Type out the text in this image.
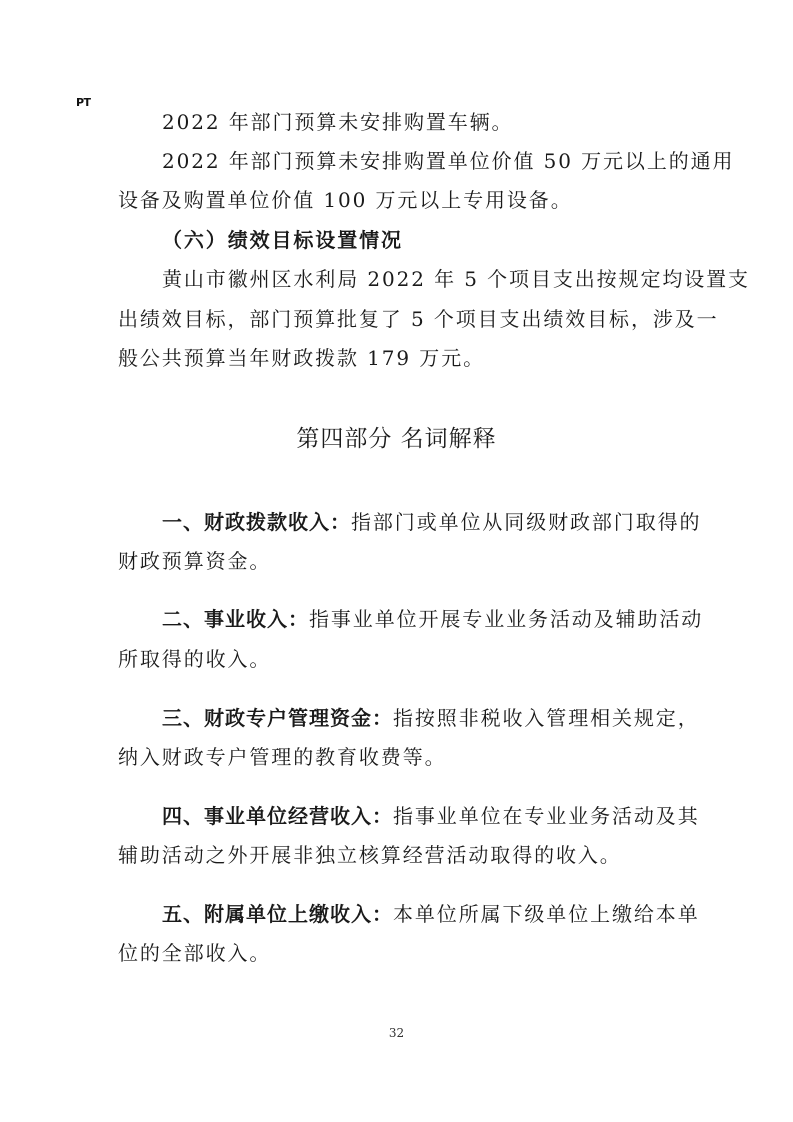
PT
2022 年部门预算未安排购置车辆。
2022 年部门预算未安排购置单位价值 50 万元以上的通用
设备及购置单位价值 100 万元以上专用设备。
（六）绩效目标设置情况
黄山市徽州区水利局 2022 年 5 个项目支出按规定均设置支
出绩效目标，部门预算批复了 5 个项目支出绩效目标，涉及一
般公共预算当年财政拨款 179 万元。
第四部分 名词解释
一、财政拨款收入：指部门或单位从同级财政部门取得的
财政预算资金。
二、事业收入：指事业单位开展专业业务活动及辅助活动
所取得的收入。
三、财政专户管理资金：指按照非税收入管理相关规定，
纳入财政专户管理的教育收费等。
四、事业单位经营收入：指事业单位在专业业务活动及其
辅助活动之外开展非独立核算经营活动取得的收入。
五、附属单位上缴收入：本单位所属下级单位上缴给本单
位的全部收入。
32
